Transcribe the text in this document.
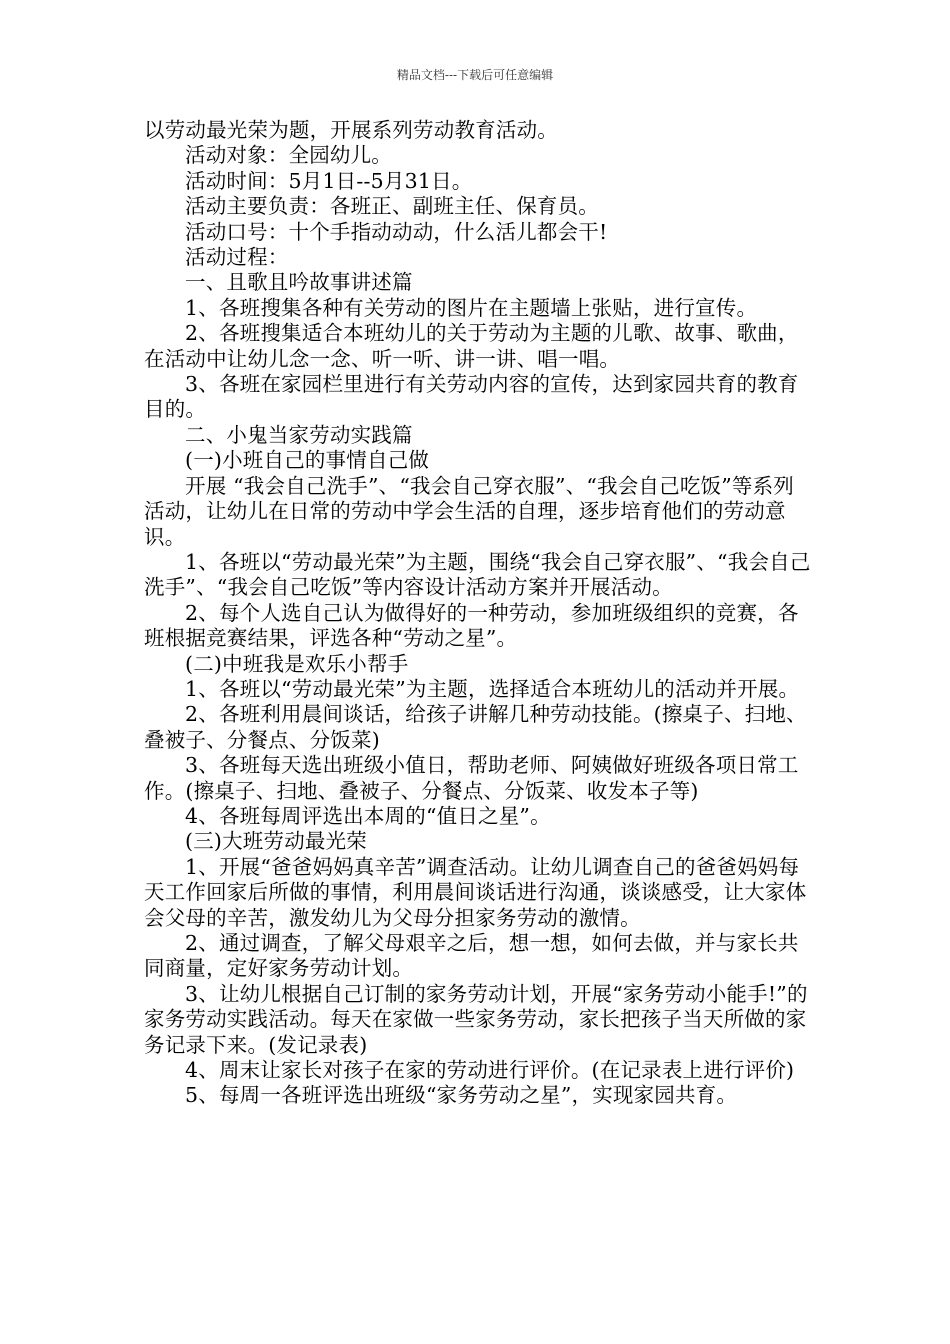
精品文档---下载后可任意编辑

以劳动最光荣为题，开展系列劳动教育活动。

活动对象：全园幼儿。

活动时间：5月1日--5月31日。

活动主要负责：各班正、副班主任、保育员。

活动口号：十个手指动动动，什么活儿都会干!

活动过程：

一、且歌且吟故事讲述篇

1、各班搜集各种有关劳动的图片在主题墙上张贴，进行宣传。

2、各班搜集适合本班幼儿的关于劳动为主题的儿歌、故事、歌曲，在活动中让幼儿念一念、听一听、讲一讲、唱一唱。

3、各班在家园栏里进行有关劳动内容的宣传，达到家园共育的教育目的。

二、小鬼当家劳动实践篇

(一)小班自己的事情自己做

开展 “我会自己洗手”、“我会自己穿衣服”、“我会自己吃饭”等系列活动，让幼儿在日常的劳动中学会生活的自理，逐步培育他们的劳动意识。

1、各班以“劳动最光荣”为主题，围绕“我会自己穿衣服”、“我会自己洗手”、“我会自己吃饭”等内容设计活动方案并开展活动。

2、每个人选自己认为做得好的一种劳动，参加班级组织的竞赛，各班根据竞赛结果，评选各种“劳动之星”。

(二)中班我是欢乐小帮手

1、各班以“劳动最光荣”为主题，选择适合本班幼儿的活动并开展。

2、各班利用晨间谈话，给孩子讲解几种劳动技能。(擦桌子、扫地、叠被子、分餐点、分饭菜)

3、各班每天选出班级小值日，帮助老师、阿姨做好班级各项日常工作。(擦桌子、扫地、叠被子、分餐点、分饭菜、收发本子等)

4、各班每周评选出本周的“值日之星”。

(三)大班劳动最光荣

1、开展“爸爸妈妈真辛苦”调查活动。让幼儿调查自己的爸爸妈妈每天工作回家后所做的事情，利用晨间谈话进行沟通，谈谈感受，让大家体会父母的辛苦，激发幼儿为父母分担家务劳动的激情。

2、通过调查，了解父母艰辛之后，想一想，如何去做，并与家长共同商量，定好家务劳动计划。

3、让幼儿根据自己订制的家务劳动计划，开展“家务劳动小能手!”的家务劳动实践活动。每天在家做一些家务劳动，家长把孩子当天所做的家务记录下来。(发记录表)

4、周末让家长对孩子在家的劳动进行评价。(在记录表上进行评价)

5、每周一各班评选出班级“家务劳动之星”，实现家园共育。
